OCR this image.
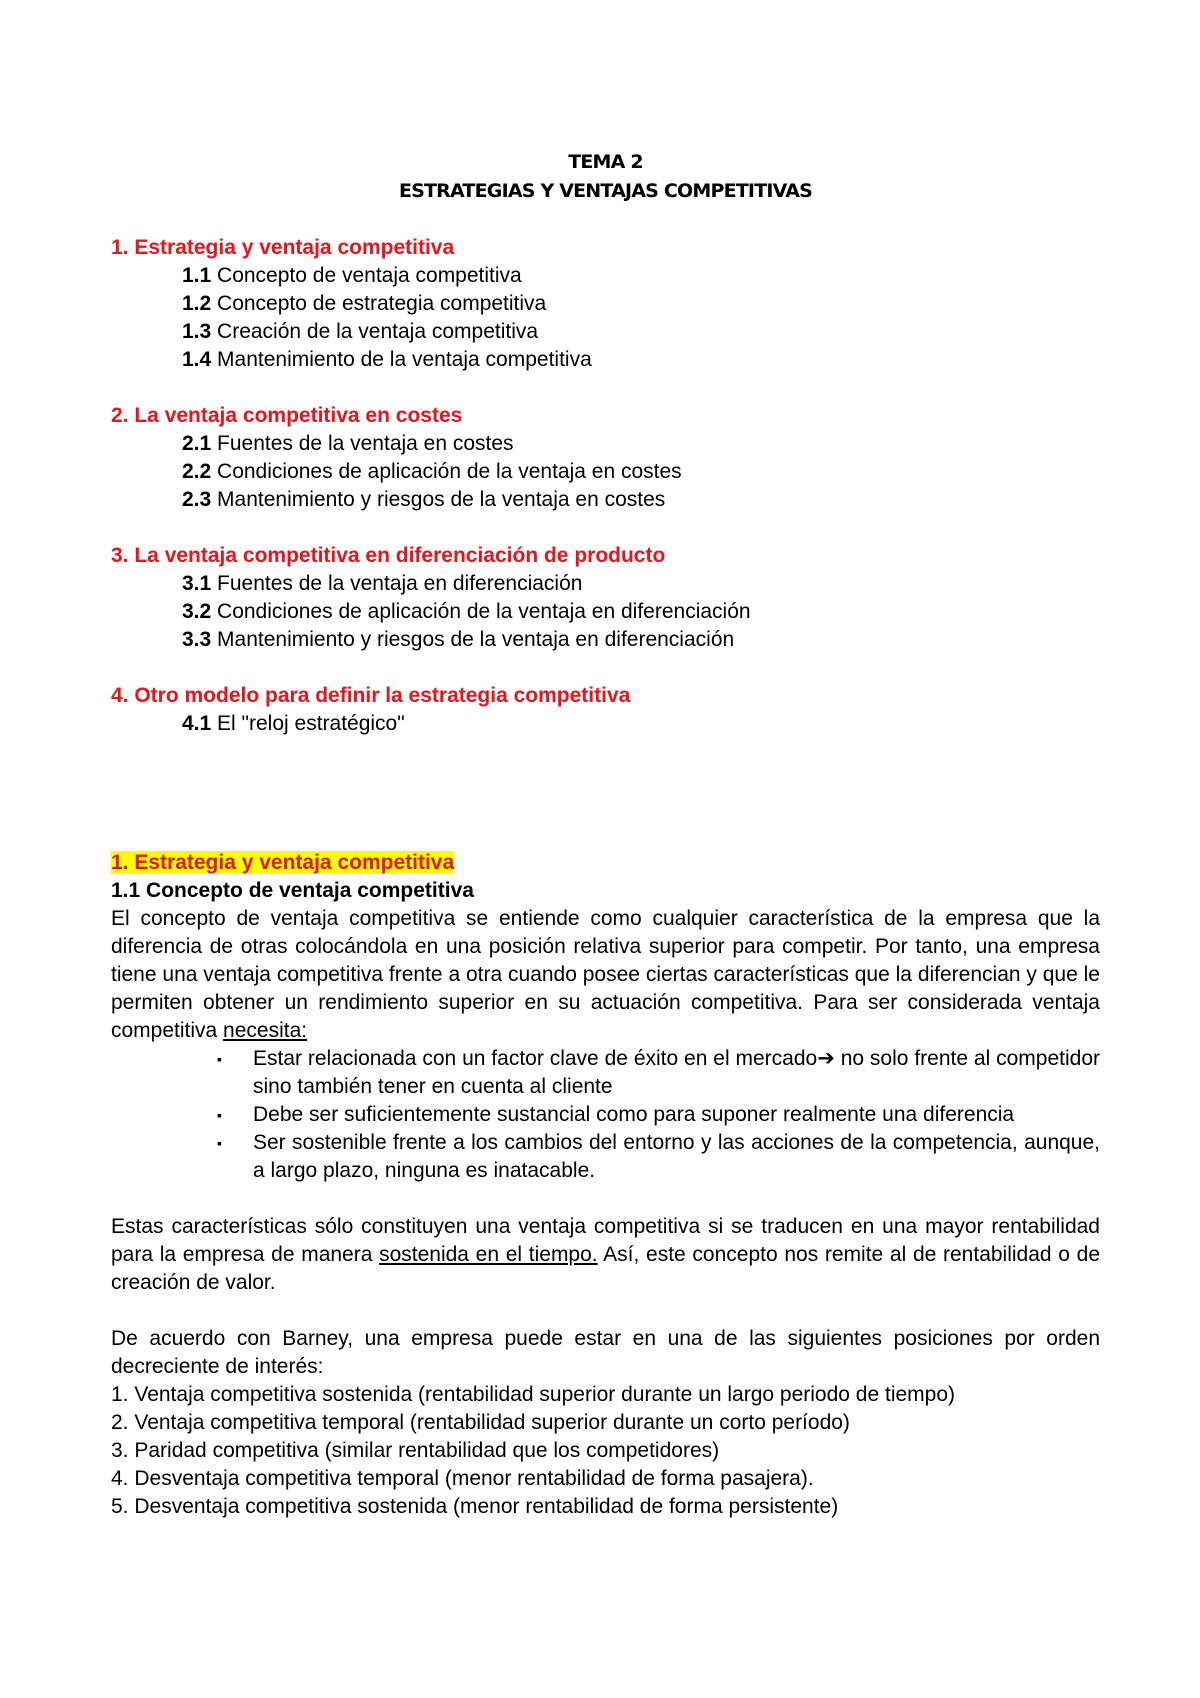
TEMA 2
ESTRATEGIAS Y VENTAJAS COMPETITIVAS
1. Estrategia y ventaja competitiva
1.1 Concepto de ventaja competitiva
1.2 Concepto de estrategia competitiva
1.3 Creación de la ventaja competitiva
1.4 Mantenimiento de la ventaja competitiva
2. La ventaja competitiva en costes
2.1 Fuentes de la ventaja en costes
2.2 Condiciones de aplicación de la ventaja en costes
2.3 Mantenimiento y riesgos de la ventaja en costes
3. La ventaja competitiva en diferenciación de producto
3.1 Fuentes de la ventaja en diferenciación
3.2 Condiciones de aplicación de la ventaja en diferenciación
3.3 Mantenimiento y riesgos de la ventaja en diferenciación
4. Otro modelo para definir la estrategia competitiva
4.1 El "reloj estratégico"
1. Estrategia y ventaja competitiva
1.1 Concepto de ventaja competitiva
El concepto de ventaja competitiva se entiende como cualquier característica de la empresa que la diferencia de otras colocándola en una posición relativa superior para competir. Por tanto, una empresa tiene una ventaja competitiva frente a otra cuando posee ciertas características que la diferencian y que le permiten obtener un rendimiento superior en su actuación competitiva. Para ser considerada ventaja competitiva necesita:
▪ Estar relacionada con un factor clave de éxito en el mercado➔ no solo frente al competidor sino también tener en cuenta al cliente
▪ Debe ser suficientemente sustancial como para suponer realmente una diferencia
▪ Ser sostenible frente a los cambios del entorno y las acciones de la competencia, aunque, a largo plazo, ninguna es inatacable.
Estas características sólo constituyen una ventaja competitiva si se traducen en una mayor rentabilidad para la empresa de manera sostenida en el tiempo. Así, este concepto nos remite al de rentabilidad o de creación de valor.
De acuerdo con Barney, una empresa puede estar en una de las siguientes posiciones por orden decreciente de interés:
1. Ventaja competitiva sostenida (rentabilidad superior durante un largo periodo de tiempo)
2. Ventaja competitiva temporal (rentabilidad superior durante un corto período)
3. Paridad competitiva (similar rentabilidad que los competidores)
4. Desventaja competitiva temporal (menor rentabilidad de forma pasajera).
5. Desventaja competitiva sostenida (menor rentabilidad de forma persistente)
